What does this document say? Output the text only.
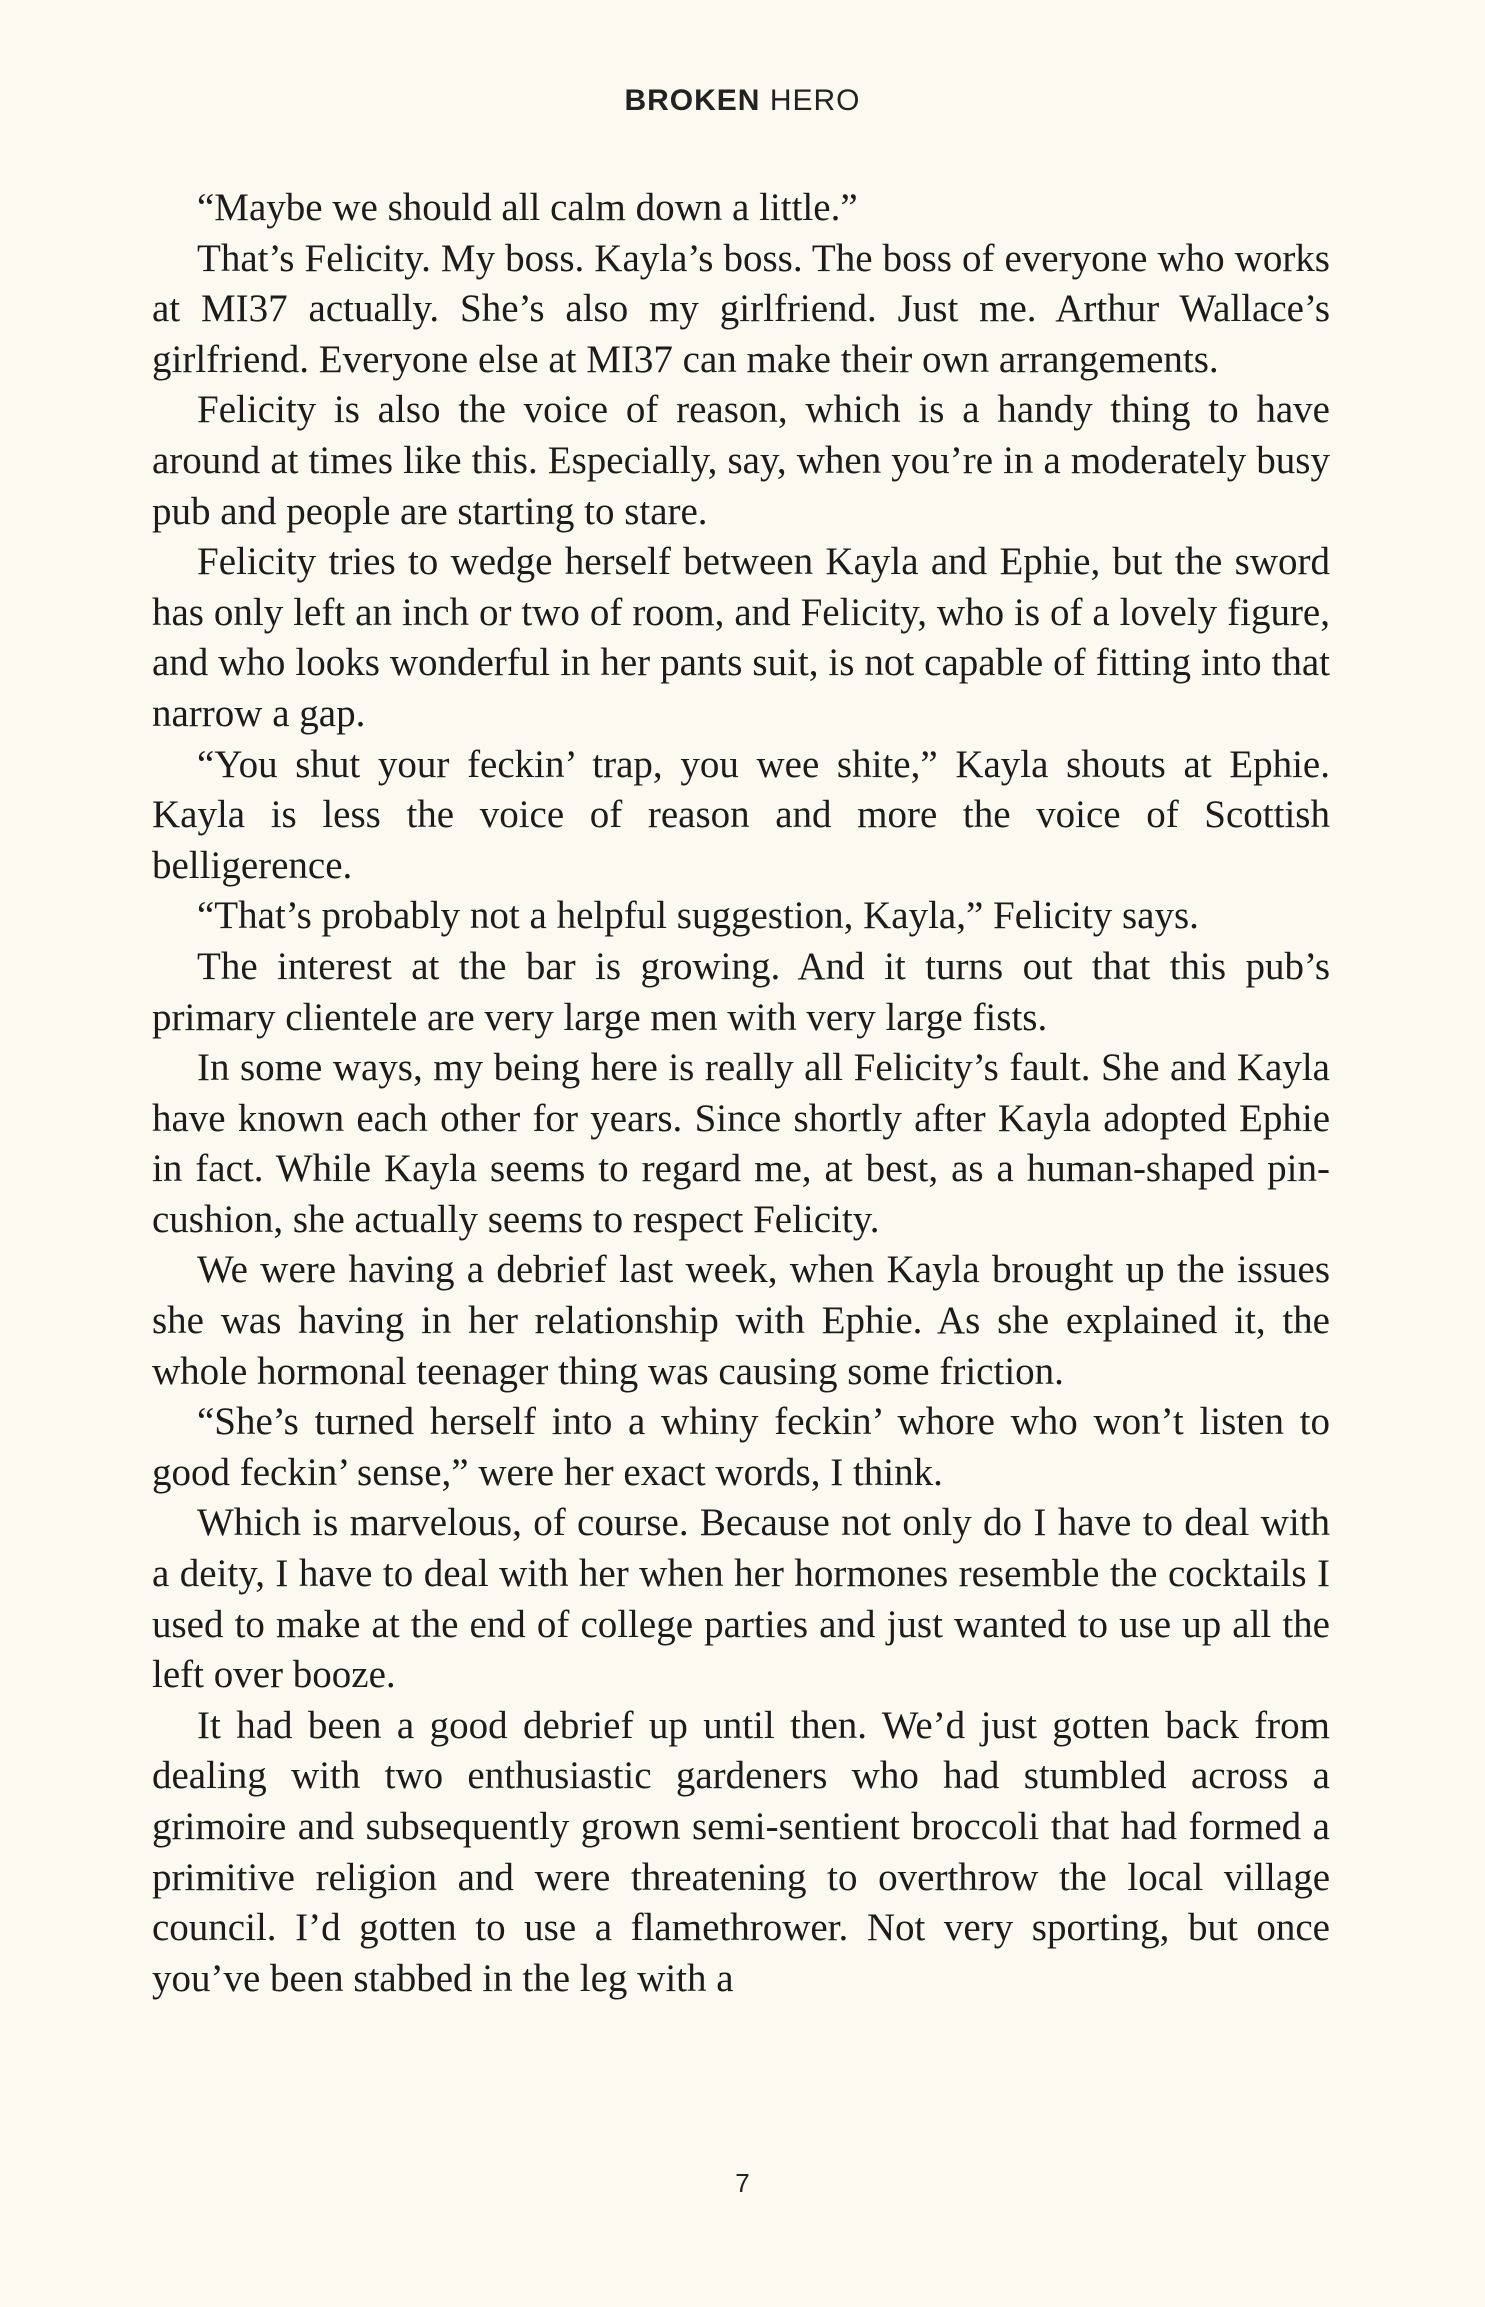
BROKEN HERO

“Maybe we should all calm down a little.”

That’s Felicity. My boss. Kayla’s boss. The boss of everyone who works at MI37 actually. She’s also my girlfriend. Just me. Arthur Wallace’s girlfriend. Everyone else at MI37 can make their own arrangements.

Felicity is also the voice of reason, which is a handy thing to have around at times like this. Especially, say, when you’re in a moderately busy pub and people are starting to stare.

Felicity tries to wedge herself between Kayla and Ephie, but the sword has only left an inch or two of room, and Felicity, who is of a lovely figure, and who looks wonderful in her pants suit, is not capable of fitting into that narrow a gap.

“You shut your feckin’ trap, you wee shite,” Kayla shouts at Ephie. Kayla is less the voice of reason and more the voice of Scottish belligerence.

“That’s probably not a helpful suggestion, Kayla,” Felicity says.

The interest at the bar is growing. And it turns out that this pub’s primary clientele are very large men with very large fists.

In some ways, my being here is really all Felicity’s fault. She and Kayla have known each other for years. Since shortly after Kayla adopted Ephie in fact. While Kayla seems to regard me, at best, as a human-shaped pin-cushion, she actually seems to respect Felicity.

We were having a debrief last week, when Kayla brought up the issues she was having in her relationship with Ephie. As she explained it, the whole hormonal teenager thing was causing some friction.

“She’s turned herself into a whiny feckin’ whore who won’t listen to good feckin’ sense,” were her exact words, I think.

Which is marvelous, of course. Because not only do I have to deal with a deity, I have to deal with her when her hormones resemble the cocktails I used to make at the end of college parties and just wanted to use up all the left over booze.

It had been a good debrief up until then. We’d just gotten back from dealing with two enthusiastic gardeners who had stumbled across a grimoire and subsequently grown semi-sentient broccoli that had formed a primitive religion and were threatening to overthrow the local village council. I’d gotten to use a flamethrower. Not very sporting, but once you’ve been stabbed in the leg with a

7
